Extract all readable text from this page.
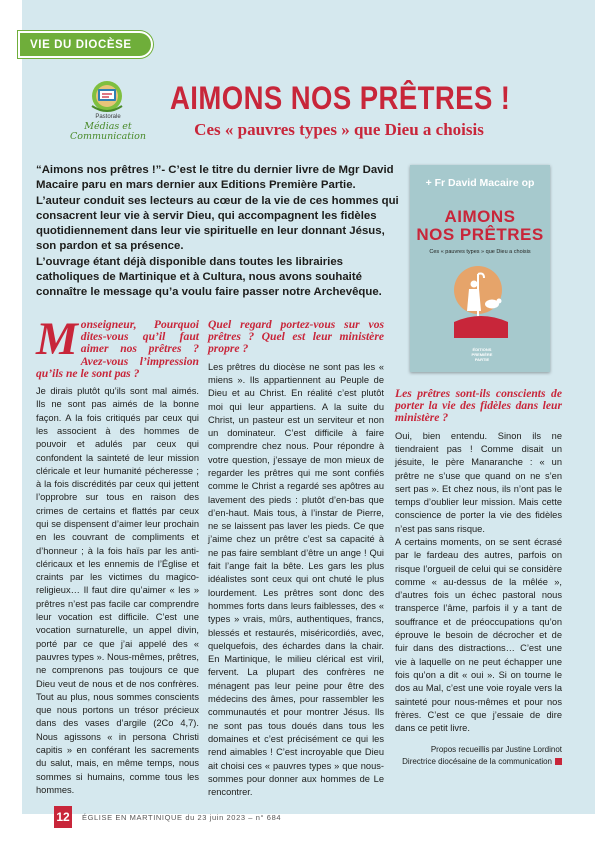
VIE DU DIOCÈSE
Pastorale
Médias et
Communication
AIMONS NOS PRÊTRES !
Ces « pauvres types » que Dieu a choisis

“Aimons nos prêtres !”- C’est le titre du dernier livre de Mgr David Macaire paru en mars dernier aux Editions Première Partie.

L’auteur conduit ses lecteurs au cœur de la vie de ces hommes qui consacrent leur vie à servir Dieu, qui accompagnent les fidèles quotidiennement dans leur vie spirituelle en leur donnant Jésus, son pardon et sa présence.

L’ouvrage étant déjà disponible dans toutes les librairies catholiques de Martinique et à Cultura, nous avons souhaité connaître le message qu’a voulu faire passer notre Archevêque.

+ Fr David Macaire op
AIMONS
NOS PRÊTRES
Ces « pauvres types » que Dieu a choisis
ÉDITIONS
PREMIÈRE
PARTIE

Monseigneur, Pourquoi dites-vous qu’il faut aimer nos prêtres ? Avez-vous l’impression qu’ils ne le sont pas ?

Je dirais plutôt qu’ils sont mal aimés. Ils ne sont pas aimés de la bonne façon. A la fois critiqués par ceux qui les associent à des hommes de pouvoir et adulés par ceux qui confondent la sainteté de leur mission cléricale et leur humanité pécheresse ; à la fois discrédités par ceux qui jettent l’opprobre sur tous en raison des crimes de certains et flattés par ceux qui se dispensent d’aimer leur prochain en les couvrant de compliments et d’honneur ; à la fois haïs par les anti-cléricaux et les ennemis de l’Église et craints par les victimes du magico-religieux… Il faut dire qu’aimer « les » prêtres n’est pas facile car comprendre leur vocation est difficile. C’est une vocation surnaturelle, un appel divin, porté par ce que j’ai appelé des « pauvres types ». Nous-mêmes, prêtres, ne comprenons pas toujours ce que Dieu veut de nous et de nos confrères. Tout au plus, nous sommes conscients que nous portons un trésor précieux dans des vases d’argile (2Co 4,7). Nous agissons « in persona Christi capitis » en conférant les sacrements du salut, mais, en même temps, nous sommes si humains, comme tous les hommes.

Quel regard portez-vous sur vos prêtres ? Quel est leur ministère propre ?

Les prêtres du diocèse ne sont pas les « miens ». Ils appartiennent au Peuple de Dieu et au Christ. En réalité c’est plutôt moi qui leur appartiens. A la suite du Christ, un pasteur est un serviteur et non un dominateur. C’est difficile à faire comprendre chez nous. Pour répondre à votre question, j’essaye de mon mieux de regarder les prêtres qui me sont confiés comme le Christ a regardé ses apôtres au lavement des pieds : plutôt d’en-bas que d’en-haut. Mais tous, à l’instar de Pierre, ne se laissent pas laver les pieds. Ce que j’aime chez un prêtre c’est sa capacité à ne pas faire semblant d’être un ange ! Qui fait l’ange fait la bête. Les gars les plus idéalistes sont ceux qui ont chuté le plus lourdement. Les prêtres sont donc des hommes forts dans leurs faiblesses, des « types » vrais, mûrs, authentiques, francs, blessés et restaurés, miséricordiés, avec, quelquefois, des échardes dans la chair. En Martinique, le milieu clérical est viril, fervent. La plupart des confrères ne ménagent pas leur peine pour être des médecins des âmes, pour rassembler les communautés et pour montrer Jésus. Ils ne sont pas tous doués dans tous les domaines et c’est précisément ce qui les rend aimables ! C’est incroyable que Dieu ait choisi ces « pauvres types » que nous-sommes pour donner aux hommes de Le rencontrer.

Les prêtres sont-ils conscients de porter la vie des fidèles dans leur ministère ?

Oui, bien entendu. Sinon ils ne tiendraient pas ! Comme disait un jésuite, le père Manaranche : « un prêtre ne s’use que quand on ne s’en sert pas ». Et chez nous, ils n’ont pas le temps d’oublier leur mission. Mais cette conscience de porter la vie des fidèles n’est pas sans risque.

A certains moments, on se sent écrasé par le fardeau des autres, parfois on risque l’orgueil de celui qui se considère comme « au-dessus de la mêlée », d’autres fois un échec pastoral nous transperce l’âme, parfois il y a tant de souffrance et de préoccupations qu’on éprouve le besoin de décrocher et de fuir dans des distractions… C’est une vie à laquelle on ne peut échapper une fois qu’on a dit « oui ». Si on tourne le dos au Mal, c’est une voie royale vers la sainteté pour nous-mêmes et pour nos frères. C’est ce que j’essaie de dire dans ce petit livre.

Propos recueillis par Justine Lordinot
Directrice diocésaine de la communication

12	ÉGLISE EN MARTINIQUE du 23 juin 2023 – n° 684
